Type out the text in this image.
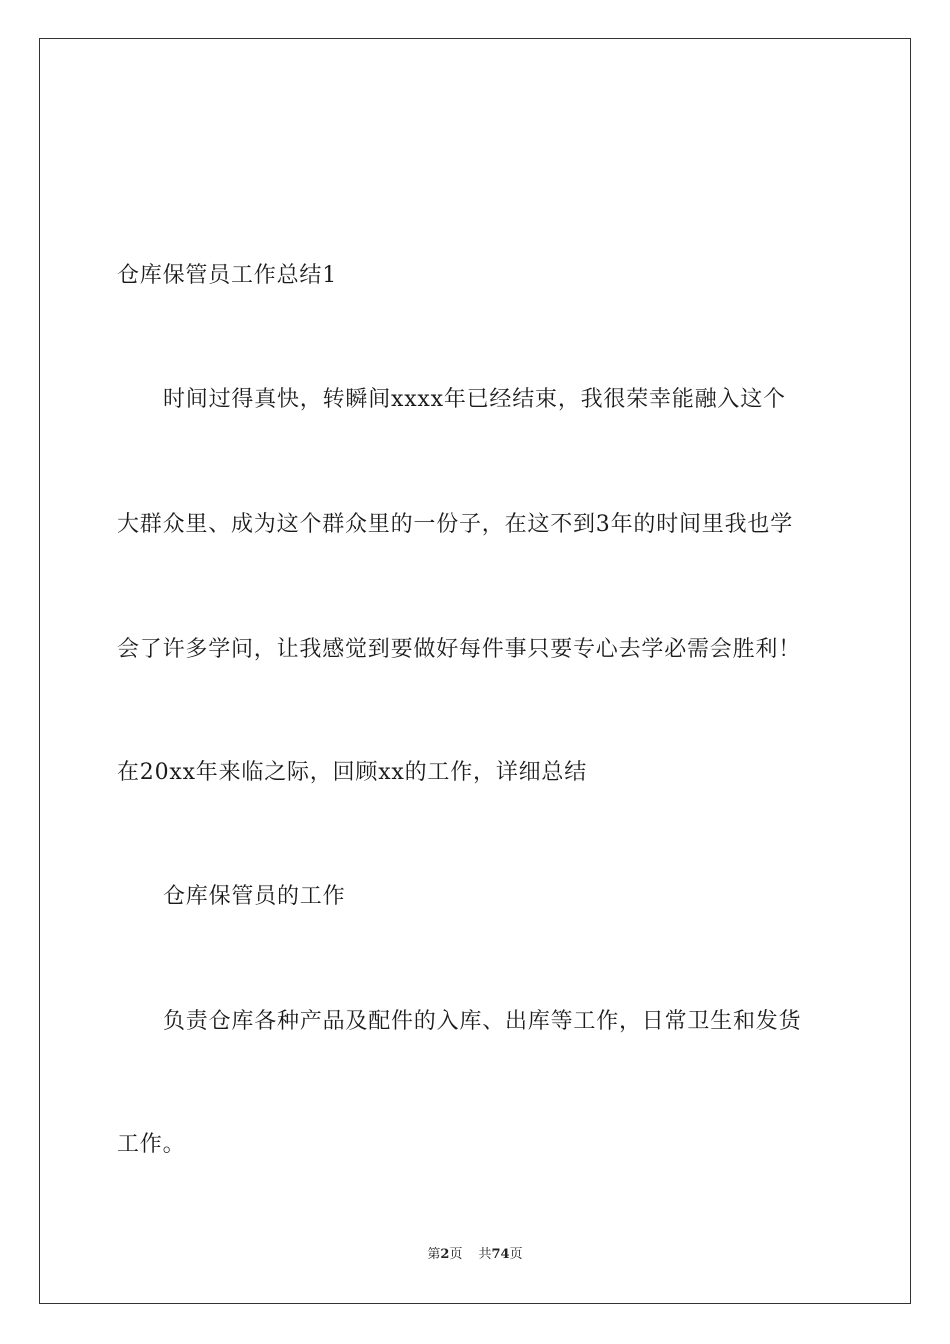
仓库保管员工作总结1
时间过得真快，转瞬间xxxx年已经结束，我很荣幸能融入这个
大群众里、成为这个群众里的一份子，在这不到3年的时间里我也学
会了许多学问，让我感觉到要做好每件事只要专心去学必需会胜利！
在20xx年来临之际，回顾xx的工作，详细总结
仓库保管员的工作
负责仓库各种产品及配件的入库、出库等工作，日常卫生和发货
工作。
第2页 共74页
